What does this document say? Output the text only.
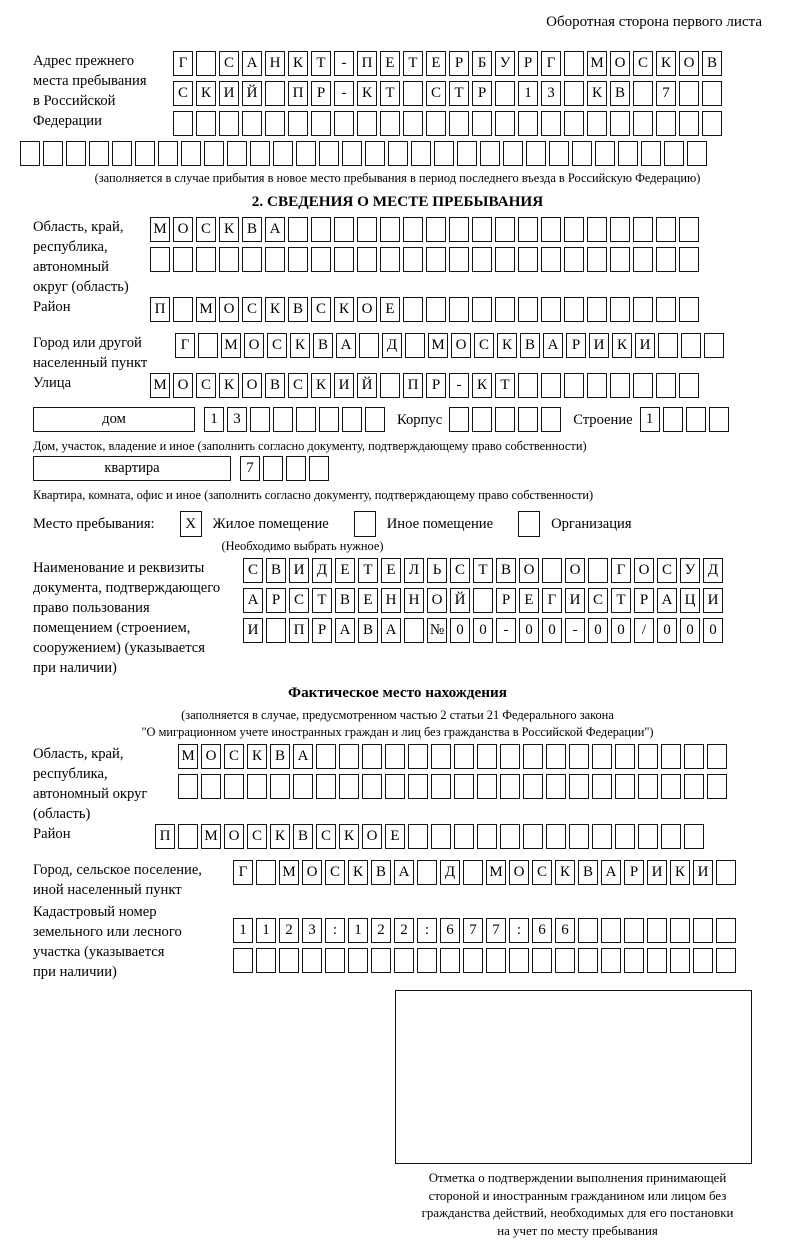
Оборотная сторона первого листа
Адрес прежнего
места пребывания
в Российской
Федерации
Г	С А Н К Т	-	П Е Т Е Р Б У Р Г	М О С К О В
С К И Й	П Р	-	К Т	С Т Р	1	3	К В	7
(заполняется в случае прибытия в новое место пребывания в период последнего въезда в Российскую Федерацию)
2. СВЕДЕНИЯ О МЕСТЕ ПРЕБЫВАНИЯ
Область, край,
республика,
автономный
округ (область)
М О С К В А
Район	П	М О С К В С К О Е
Город или другой
населенный пункт
Г	М О С К В А	Д	М О С К В А Р И К И
Улица	М О С К О В С К И Й	П Р	-	К Т
дом	1	3	Корпус	Строение 1
Дом, участок, владение и иное (заполнить согласно документу, подтверждающему право собственности)
квартира	7
Квартира, комната, офис и иное (заполнить согласно документу, подтверждающему право собственности)
Место пребывания:	X	Жилое помещение	Иное помещение	Организация
(Необходимо выбрать нужное)
Наименование и реквизиты
документа, подтверждающего
право пользования
помещением (строением,
сооружением) (указывается
при наличии)
С В И Д Е Т Е Л Ь С Т В О	О	Г О С У Д
А Р С Т В Е Н Н О Й	Р Е Г И С Т Р А Ц И
И	П Р А В А	№ 0	0	-	0	0	-	0	0	/	0	0	0
Фактическое место нахождения
(заполняется в случае, предусмотренном частью 2 статьи 21 Федерального закона
"О миграционном учете иностранных граждан и лиц без гражданства в Российской Федерации")
Область, край,
республика,
автономный округ
(область)
М О С К В А
Район	П	М О С К В С К О Е
Город, сельское поселение,
иной населенный пункт
Г	М О С К В А	Д	М О С К В А Р И К И
Кадастровый номер
земельного или лесного
участка (указывается
при наличии)
1	1	2	3	:	1	2	2	:	6	7	7	:	6	6
Отметка о подтверждении выполнения принимающей
стороной и иностранным гражданином или лицом без
гражданства действий, необходимых для его постановки
на учет по месту пребывания
